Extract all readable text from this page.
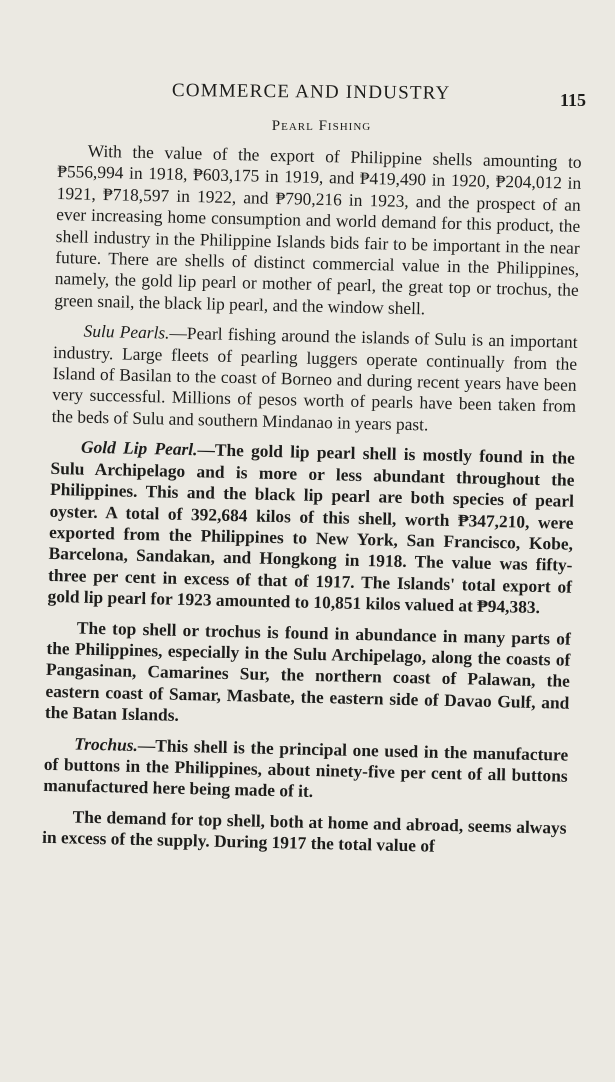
COMMERCE AND INDUSTRY	115
Pearl Fishing

With the value of the export of Philippine shells amounting to ₱556,994 in 1918, ₱603,175 in 1919, and ₱419,490 in 1920, ₱204,012 in 1921, ₱718,597 in 1922, and ₱790,216 in 1923, and the prospect of an ever increasing home consumption and world demand for this product, the shell industry in the Philippine Islands bids fair to be important in the near future. There are shells of distinct commercial value in the Philippines, namely, the gold lip pearl or mother of pearl, the great top or trochus, the green snail, the black lip pearl, and the window shell.

Sulu Pearls.—Pearl fishing around the islands of Sulu is an important industry. Large fleets of pearling luggers operate continually from the Island of Basilan to the coast of Borneo and during recent years have been very successful. Millions of pesos worth of pearls have been taken from the beds of Sulu and southern Mindanao in years past.

Gold Lip Pearl.—The gold lip pearl shell is mostly found in the Sulu Archipelago and is more or less abundant throughout the Philippines. This and the black lip pearl are both species of pearl oyster. A total of 392,684 kilos of this shell, worth ₱347,210, were exported from the Philippines to New York, San Francisco, Kobe, Barcelona, Sandakan, and Hongkong in 1918. The value was fifty-three per cent in excess of that of 1917. The Islands' total export of gold lip pearl for 1923 amounted to 10,851 kilos valued at ₱94,383.

The top shell or trochus is found in abundance in many parts of the Philippines, especially in the Sulu Archipelago, along the coasts of Pangasinan, Camarines Sur, the northern coast of Palawan, the eastern coast of Samar, Masbate, the eastern side of Davao Gulf, and the Batan Islands.

Trochus.—This shell is the principal one used in the manufacture of buttons in the Philippines, about ninety-five per cent of all buttons manufactured here being made of it.

The demand for top shell, both at home and abroad, seems always in excess of the supply. During 1917 the total value of
